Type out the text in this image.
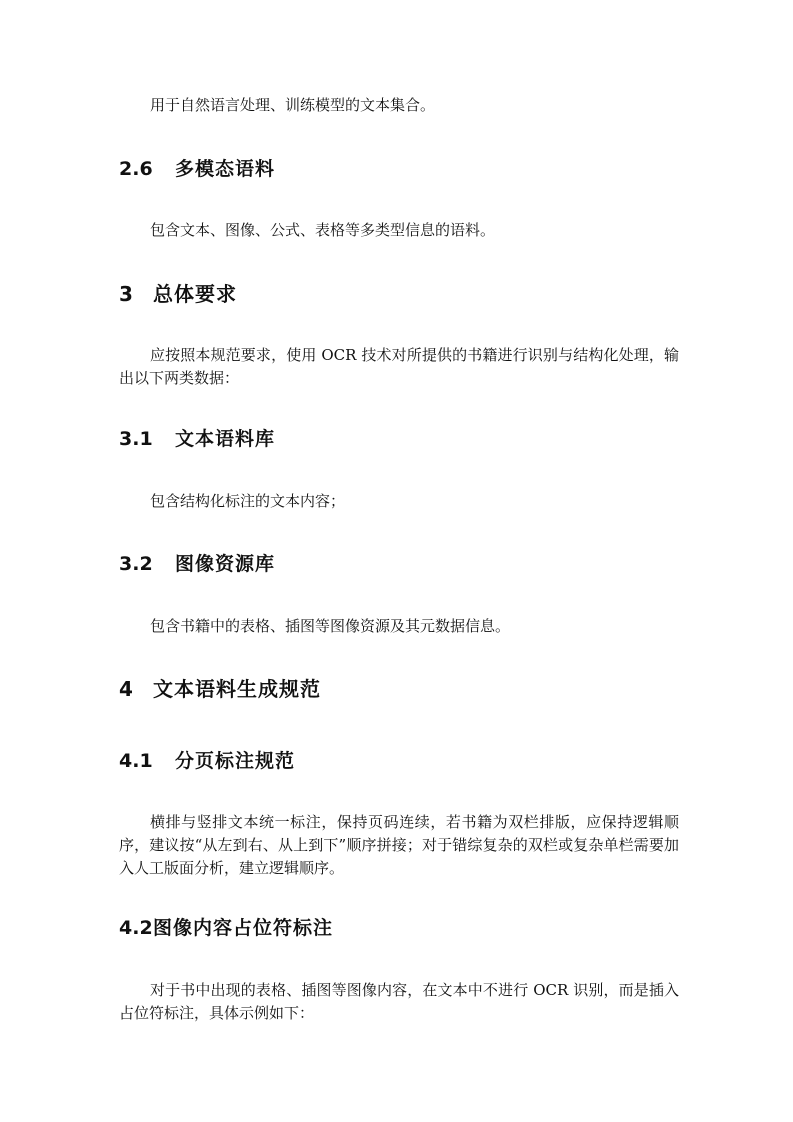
用于自然语言处理、训练模型的文本集合。

2.6 多模态语料

包含文本、图像、公式、表格等多类型信息的语料。

3 总体要求

应按照本规范要求，使用 OCR 技术对所提供的书籍进行识别与结构化处理，输出以下两类数据：

3.1 文本语料库

包含结构化标注的文本内容；

3.2 图像资源库

包含书籍中的表格、插图等图像资源及其元数据信息。

4 文本语料生成规范
4.1 分页标注规范

横排与竖排文本统一标注，保持页码连续，若书籍为双栏排版，应保持逻辑顺序，建议按“从左到右、从上到下”顺序拼接；对于错综复杂的双栏或复杂单栏需要加入人工版面分析，建立逻辑顺序。

4.2图像内容占位符标注

对于书中出现的表格、插图等图像内容，在文本中不进行 OCR 识别，而是插入占位符标注，具体示例如下：
